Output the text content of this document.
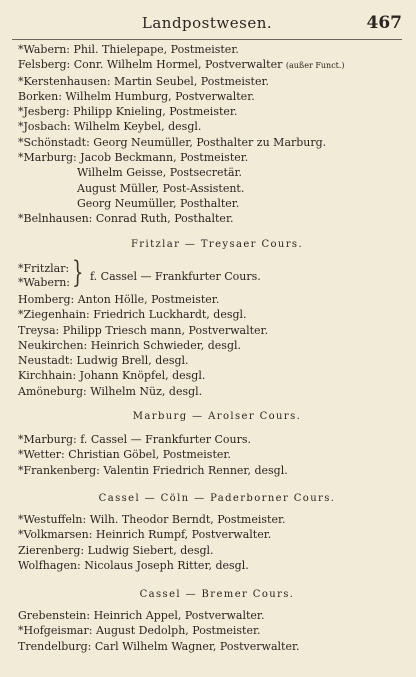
Landpostwesen.	467
*Wabern: Phil. Thielepape, Postmeister.
Felsberg: Conr. Wilhelm Hormel, Postverwalter (außer Funct.)
*Kerstenhausen: Martin Seubel, Postmeister.
Borken: Wilhelm Humburg, Postverwalter.
*Jesberg: Philipp Knieling, Postmeister.
*Josbach: Wilhelm Keybel, desgl.
*Schönstadt: Georg Neumüller, Posthalter zu Marburg.
*Marburg: Jacob Beckmann, Postmeister.
Wilhelm Geisse, Postsecretär.
August Müller, Post-Assistent.
Georg Neumüller, Posthalter.
*Belnhausen: Conrad Ruth, Posthalter.
Fritzlar — Treysaer Cours.
*Fritzlar:
*Wabern: } f. Cassel — Frankfurter Cours.
Homberg: Anton Hölle, Postmeister.
*Ziegenhain: Friedrich Luckhardt, desgl.
Treysa: Philipp Triesch mann, Postverwalter.
Neukirchen: Heinrich Schwieder, desgl.
Neustadt: Ludwig Brell, desgl.
Kirchhain: Johann Knöpfel, desgl.
Amöneburg: Wilhelm Nüz, desgl.
Marburg — Arolser Cours.
*Marburg: f. Cassel — Frankfurter Cours.
*Wetter: Christian Göbel, Postmeister.
*Frankenberg: Valentin Friedrich Renner, desgl.
Cassel — Cöln — Paderborner Cours.
*Westuffeln: Wilh. Theodor Berndt, Postmeister.
*Volkmarsen: Heinrich Rumpf, Postverwalter.
Zierenberg: Ludwig Siebert, desgl.
Wolfhagen: Nicolaus Joseph Ritter, desgl.
Cassel — Bremer Cours.
Grebenstein: Heinrich Appel, Postverwalter.
*Hofgeismar: August Dedolph, Postmeister.
Trendelburg: Carl Wilhelm Wagner, Postverwalter.
